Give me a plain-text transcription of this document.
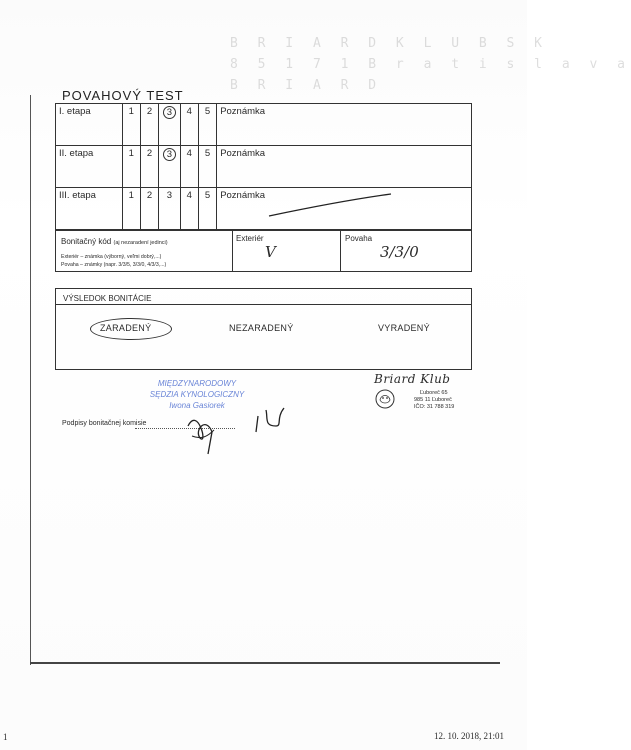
B R I A R D K L U B S K
8 5 1 7 1 B r a t i s l a v a
B R I A R D
POVAHOVÝ TEST
I. etapa	1	2	3	4	5	Poznámka
II. etapa	1	2	3	4	5	Poznámka
III. etapa	1	2	3	4	5	Poznámka
Bonitačný kód (aj nezaradení jedinci)
Exteriér – známka (výborný, veľmi dobrý,...)
Povaha – známky (napr. 3/3/5, 3/3/0, 4/3/3,...)
Exteriér
V
Povaha
3/3/0
VÝSLEDOK BONITÁCIE
ZARADENÝ	NEZARADENÝ	VYRADENÝ
MIĘDZYNARODOWY
SĘDZIA KYNOLOGICZNY
Iwona Gasiorek
Podpisy bonitačnej komisie
Briard Klub
Ľuboreč 65
985 11 Ľuboreč
IČO: 31 788 319
1	12. 10. 2018, 21:01
